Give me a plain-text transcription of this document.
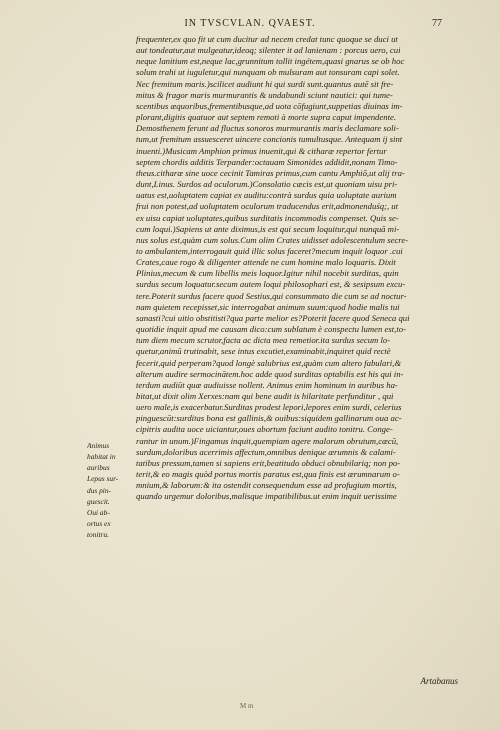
IN TVSCVLAN. QVAEST.	77
frequenter,ex quo fit ut cum ducitur ad necem credat tunc quoque se duci ut
aut tondeatur,aut mulgeatur,ideoq; silenter it ad lanienam : porcus uero, cui
neque lanitium est,neque lac,grunnitum tollit ingétem,quasi gnarus se ob hoc
solum trahi ut iuguletur,qui nunquam ob mulsuram aut tonsuram capi solet.
Nec fremitum maris.)scilicet audiunt hi qui surdi sunt.quantus autē sit fre-
mitus & fragor maris murmurantis & undabundi sciunt nautici: qui tume-
scentibus æquoribus,frementibusque,ad uota cōfugiunt,suppetias diuinas im-
plorant,digitis quatuor aut septem remoti à morte supra caput impendente.
Demosthenem ferunt ad fluctus sonoros murmurantis maris declamare soli-
tum,ut fremitum assuesceret uincere concionis tumultusque. Antequam ij sint
inuenti.)Musicam Amphion primus inuenit,qui & citharæ repertor fertur
septem chordis additis Terpander:octauam Simonides addidit,nonam Timo-
theus.citharæ sine uoce cecinit Tamiras primus,cum cantu Amphiō,ut alij tra-
dunt,Linus. Surdos ad oculorum.)Consolatio cæcis est,ut quoniam uisu pri-
uatus est,uoluptatem capiat ex auditu:contrà surdus quia uoluptate aurium
frui non potest,ad uoluptatem oculorum traducendus erit,admonenduśq;, ut
ex uisu capiat uoluptates,quibus surditatis incommodis compenset. Quis se-
cum loqui.)Sapiens ut ante diximus,is est qui secum loquitur,qui nunquā mi-
nus solus est,quàm cum solus.Cum olim Crates uidisset adolescentulum secre-
to ambulantem,interrogauit quid illic solus faceret?mecum inquit loquor .cui
Crates,caue rogo & diligenter attende ne cum homine malo loquaris. Dixit
Plinius,mecum & cum libellis meis loquor.Igitur nihil nocebit surditas, quin
surdus secum loquatur.secum autem loqui philosophari est, & sesipsum excu-
tere.Poterit surdus facere quod Sestius,qui consummato die cum se ad noctur-
nam quietem recepisset,sic interrogabat animum suum:quod hodie malis tui
sanasti?cui uitio obstitisti?qua parte melior es?Poterit facere quod Seneca qui
quotidie inquit apud me causam dico:cum sublatum è conspectu lumen est,to-
tum diem mecum scrutor,facta ac dicta mea remetior.ita surdus secum lo-
quetur,animū trutinabit, sese intus excutiet,examinabit,inquiret quid rectè
fecerit,quid perperam?quod longè salubrius est,quàm cum altero fabulari,&
alterum audire sermocinātem.hoc adde quod surditas optabilis est his qui in-
terdum audiūt quæ audiuisse nollent. Animus enim hominum in auribus ha-
bitat,ut dixit olim Xerxes:nam qui bene audit is hilaritate perfunditur , qui
uero male,is exacerbatur.Surditas prodest lepori,lepores enim surdi, celerius
pinguescūt:surditas bona est gallinis,& ouibus:siquidem gallinarum oua ac-
cipitris audita uoce uiciantur,oues abortum faciunt audito tonitru. Conge-
rantur in unum.)Fingamus inquit,quempiam agere malorum obrutum,cæcū,
surdum,doloribus acerrimis affectum,omnibus denique ærumnis & calami-
tatibus pressum,tamen si sapiens erit,beatitudo obduci obnubilariq; non po-
terit,& eo magis quòd portus mortis paratus est,qua finis est ærumnarum o-
mnium,& laborum:& ita ostendit consequendum esse ad profugium mortis,
quando urgemur doloribus,malisque impatibilibus.ut enim inquit uerissime
Animus
habitat in
auribus
Lepus sur-
dus pin-
guescit.
Oui ab-
ortus ex
tonitru.
Artabanus
M m
